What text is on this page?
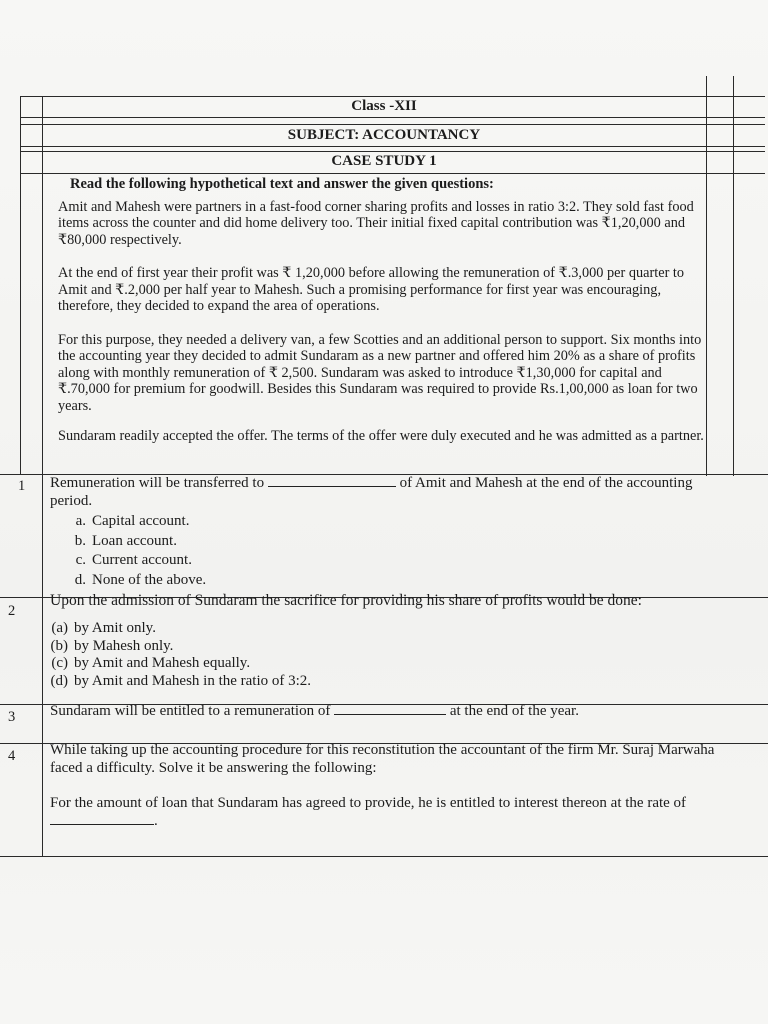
Class -XII
SUBJECT: ACCOUNTANCY
CASE STUDY 1
Read the following hypothetical text and answer the given questions:

Amit and Mahesh were partners in a fast-food corner sharing profits and losses in ratio 3:2. They sold fast food items across the counter and did home delivery too. Their initial fixed capital contribution was ₹1,20,000 and ₹80,000 respectively.

At the end of first year their profit was ₹ 1,20,000 before allowing the remuneration of ₹.3,000 per quarter to Amit and ₹.2,000 per half year to Mahesh. Such a promising performance for first year was encouraging, therefore, they decided to expand the area of operations.

For this purpose, they needed a delivery van, a few Scotties and an additional person to support. Six months into the accounting year they decided to admit Sundaram as a new partner and offered him 20% as a share of profits along with monthly remuneration of ₹ 2,500. Sundaram was asked to introduce ₹1,30,000 for capital and ₹.70,000 for premium for goodwill. Besides this Sundaram was required to provide Rs.1,00,000 as loan for two years.

Sundaram readily accepted the offer. The terms of the offer were duly executed and he was admitted as a partner.

1 Remuneration will be transferred to	of Amit and Mahesh at the end of the accounting period.

a. Capital account.
b. Loan account.
c. Current account.
d. None of the above.
2

Upon the admission of Sundaram the sacrifice for providing his share of profits would be done:

(a) by Amit only.
(b) by Mahesh only.
(c) by Amit and Mahesh equally.
(d) by Amit and Mahesh in the ratio of 3:2.
3 Sundaram will be entitled to a remuneration of	at the end of the year.

4 While taking up the accounting procedure for this reconstitution the accountant of the firm Mr. Suraj Marwaha faced a difficulty. Solve it be answering the following:

For the amount of loan that Sundaram has agreed to provide, he is entitled to interest thereon at the rate of .
